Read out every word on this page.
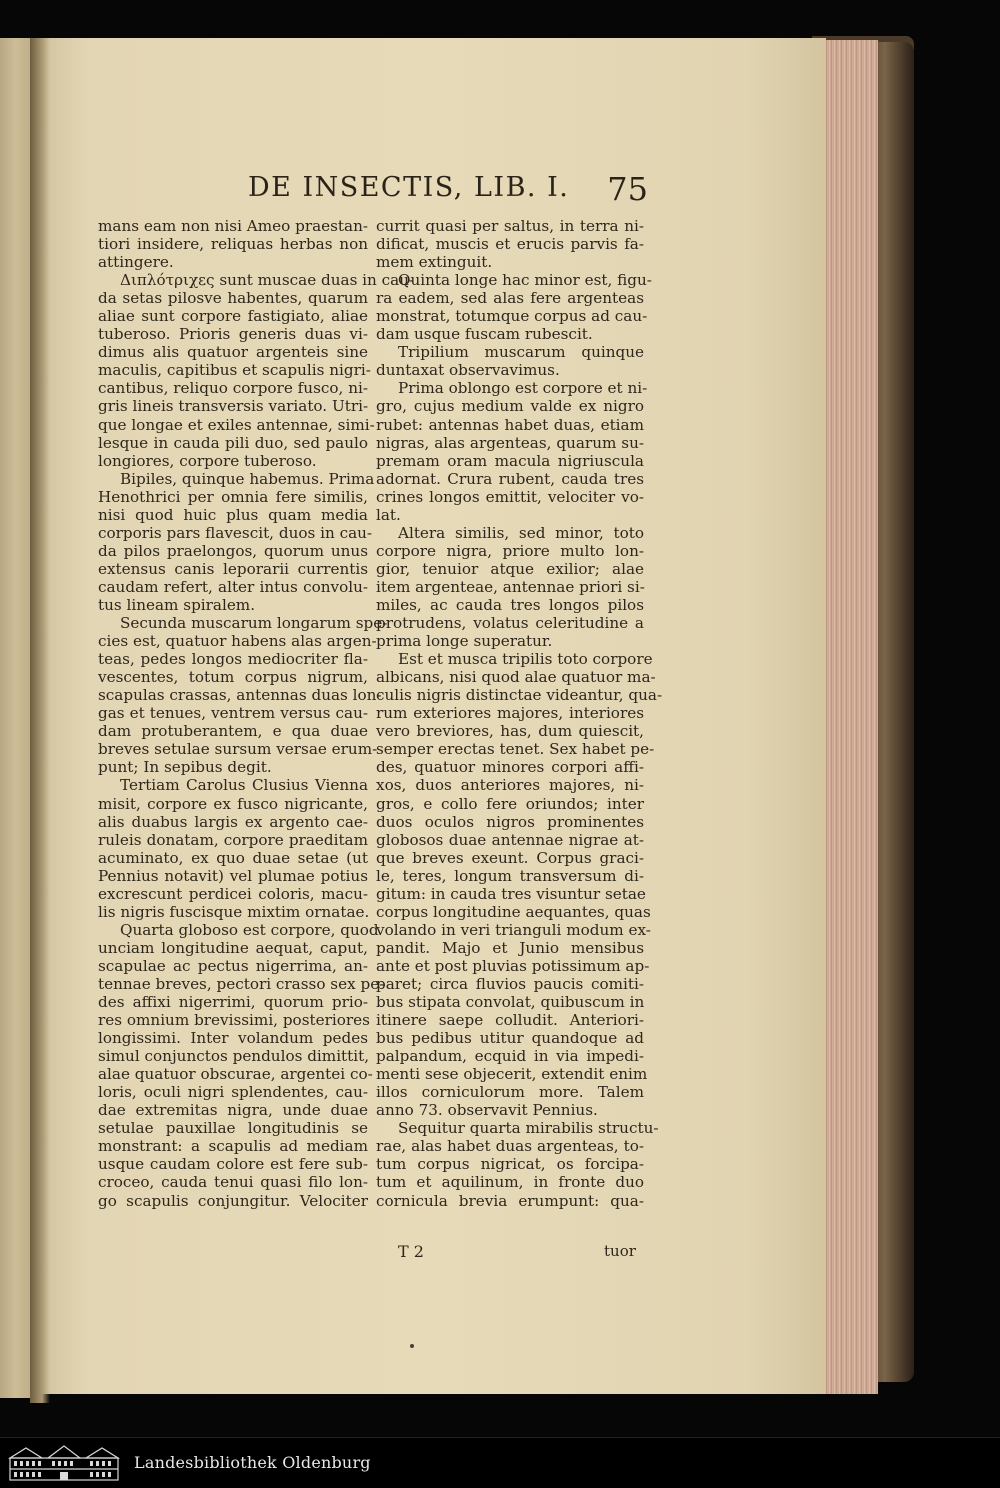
DE INSECTIS, LIB. I. 75
mans eam non nisi Ameo praestan-
tiori insidere, reliquas herbas non
attingere.
Διπλότριχες sunt muscae duas in cau-
da setas pilosve habentes, quarum
aliae sunt corpore fastigiato, aliae
tuberoso. Prioris generis duas vi-
dimus alis quatuor argenteis sine
maculis, capitibus et scapulis nigri-
cantibus, reliquo corpore fusco, ni-
gris lineis transversis variato. Utri-
que longae et exiles antennae, simi-
lesque in cauda pili duo, sed paulo
longiores, corpore tuberoso.
Bipiles, quinque habemus. Prima
Henothrici per omnia fere similis,
nisi quod huic plus quam media
corporis pars flavescit, duos in cau-
da pilos praelongos, quorum unus
extensus canis leporarii currentis
caudam refert, alter intus convolu-
tus lineam spiralem.
Secunda muscarum longarum spe-
cies est, quatuor habens alas argen-
teas, pedes longos mediocriter fla-
vescentes, totum corpus nigrum,
scapulas crassas, antennas duas lon-
gas et tenues, ventrem versus cau-
dam protuberantem, e qua duae
breves setulae sursum versae erum-
punt; In sepibus degit.
Tertiam Carolus Clusius Vienna
misit, corpore ex fusco nigricante,
alis duabus largis ex argento cae-
ruleis donatam, corpore praeditam
acuminato, ex quo duae setae (ut
Pennius notavit) vel plumae potius
excrescunt perdicei coloris, macu-
lis nigris fuscisque mixtim ornatae.
Quarta globoso est corpore, quod
unciam longitudine aequat, caput,
scapulae ac pectus nigerrima, an-
tennae breves, pectori crasso sex pe-
des affixi nigerrimi, quorum prio-
res omnium brevissimi, posteriores
longissimi. Inter volandum pedes
simul conjunctos pendulos dimittit,
alae quatuor obscurae, argentei co-
loris, oculi nigri splendentes, cau-
dae extremitas nigra, unde duae
setulae pauxillae longitudinis se
monstrant: a scapulis ad mediam
usque caudam colore est fere sub-
croceo, cauda tenui quasi filo lon-
go scapulis conjungitur. Velociter
currit quasi per saltus, in terra ni-
dificat, muscis et erucis parvis fa-
mem extinguit.
Quinta longe hac minor est, figu-
ra eadem, sed alas fere argenteas
monstrat, totumque corpus ad cau-
dam usque fuscam rubescit.
Tripilium muscarum quinque
duntaxat observavimus.
Prima oblongo est corpore et ni-
gro, cujus medium valde ex nigro
rubet: antennas habet duas, etiam
nigras, alas argenteas, quarum su-
premam oram macula nigriuscula
adornat. Crura rubent, cauda tres
crines longos emittit, velociter vo-
lat.
Altera similis, sed minor, toto
corpore nigra, priore multo lon-
gior, tenuior atque exilior; alae
item argenteae, antennae priori si-
miles, ac cauda tres longos pilos
protrudens, volatus celeritudine a
prima longe superatur.
Est et musca tripilis toto corpore
albicans, nisi quod alae quatuor ma-
culis nigris distinctae videantur, qua-
rum exteriores majores, interiores
vero breviores, has, dum quiescit,
semper erectas tenet. Sex habet pe-
des, quatuor minores corpori affi-
xos, duos anteriores majores, ni-
gros, e collo fere oriundos; inter
duos oculos nigros prominentes
globosos duae antennae nigrae at-
que breves exeunt. Corpus graci-
le, teres, longum transversum di-
gitum: in cauda tres visuntur setae
corpus longitudine aequantes, quas
volando in veri trianguli modum ex-
pandit. Majo et Junio mensibus
ante et post pluvias potissimum ap-
paret; circa fluvios paucis comiti-
bus stipata convolat, quibuscum in
itinere saepe colludit. Anteriori-
bus pedibus utitur quandoque ad
palpandum, ecquid in via impedi-
menti sese objecerit, extendit enim
illos corniculorum more. Talem
anno 73. observavit Pennius.
Sequitur quarta mirabilis structu-
rae, alas habet duas argenteas, to-
tum corpus nigricat, os forcipa-
tum et aquilinum, in fronte duo
cornicula brevia erumpunt: qua-
T 2	tuor
Landesbibliothek Oldenburg
